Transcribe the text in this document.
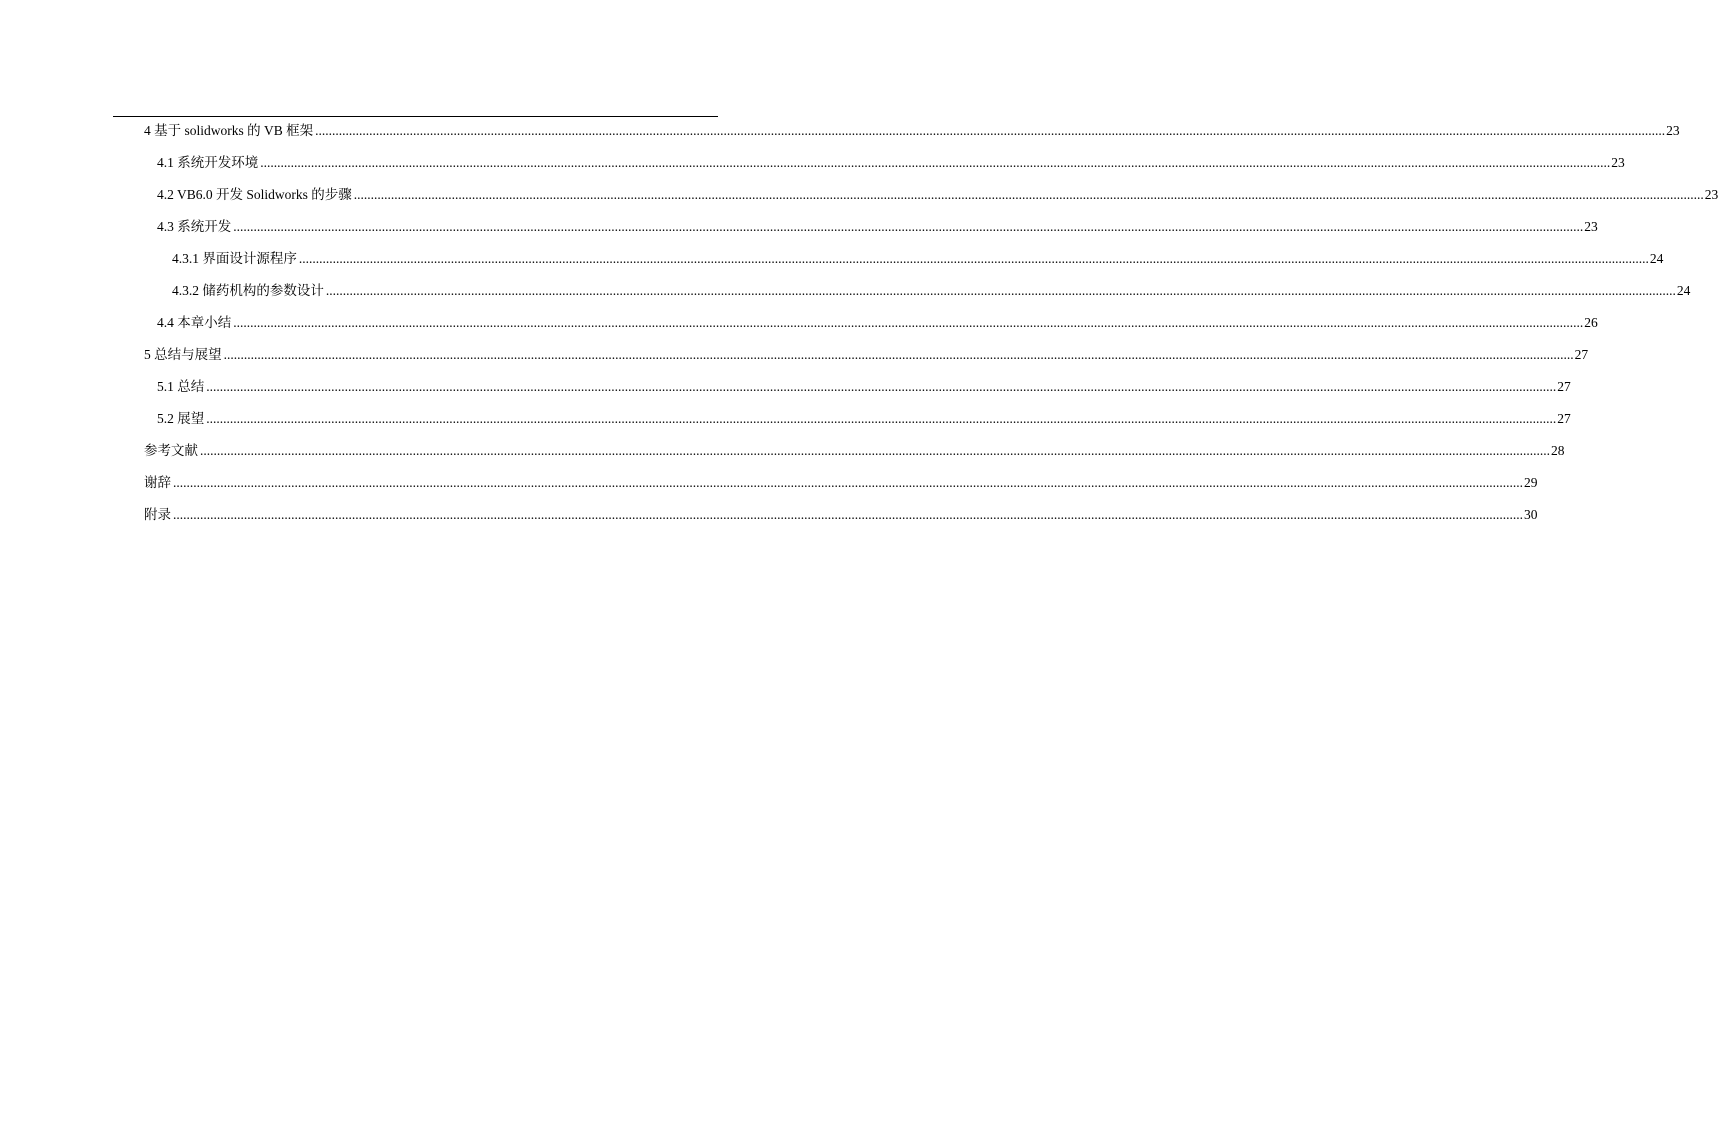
4 基于 solidworks 的 VB 框架 ................................................................................................................................................................................................................................................................................................................................................................................................................ 23
4.1 系统开发环境 ................................................................................................................................................................................................................................................................................................................................................................................................................ 23
4.2 VB6.0 开发 Solidworks 的步骤 ................................................................................................................................................................................................................................................................................................................................................................................................................ 23
4.3 系统开发 ................................................................................................................................................................................................................................................................................................................................................................................................................ 23
4.3.1 界面设计源程序 ................................................................................................................................................................................................................................................................................................................................................................................................................ 24
4.3.2 储药机构的参数设计 ................................................................................................................................................................................................................................................................................................................................................................................................................ 24
4.4 本章小结 ................................................................................................................................................................................................................................................................................................................................................................................................................ 26
5 总结与展望 ................................................................................................................................................................................................................................................................................................................................................................................................................ 27
5.1 总结 ................................................................................................................................................................................................................................................................................................................................................................................................................ 27
5.2 展望 ................................................................................................................................................................................................................................................................................................................................................................................................................ 27
参考文献 ................................................................................................................................................................................................................................................................................................................................................................................................................ 28
谢辞 ................................................................................................................................................................................................................................................................................................................................................................................................................ 29
附录 ................................................................................................................................................................................................................................................................................................................................................................................................................ 30
